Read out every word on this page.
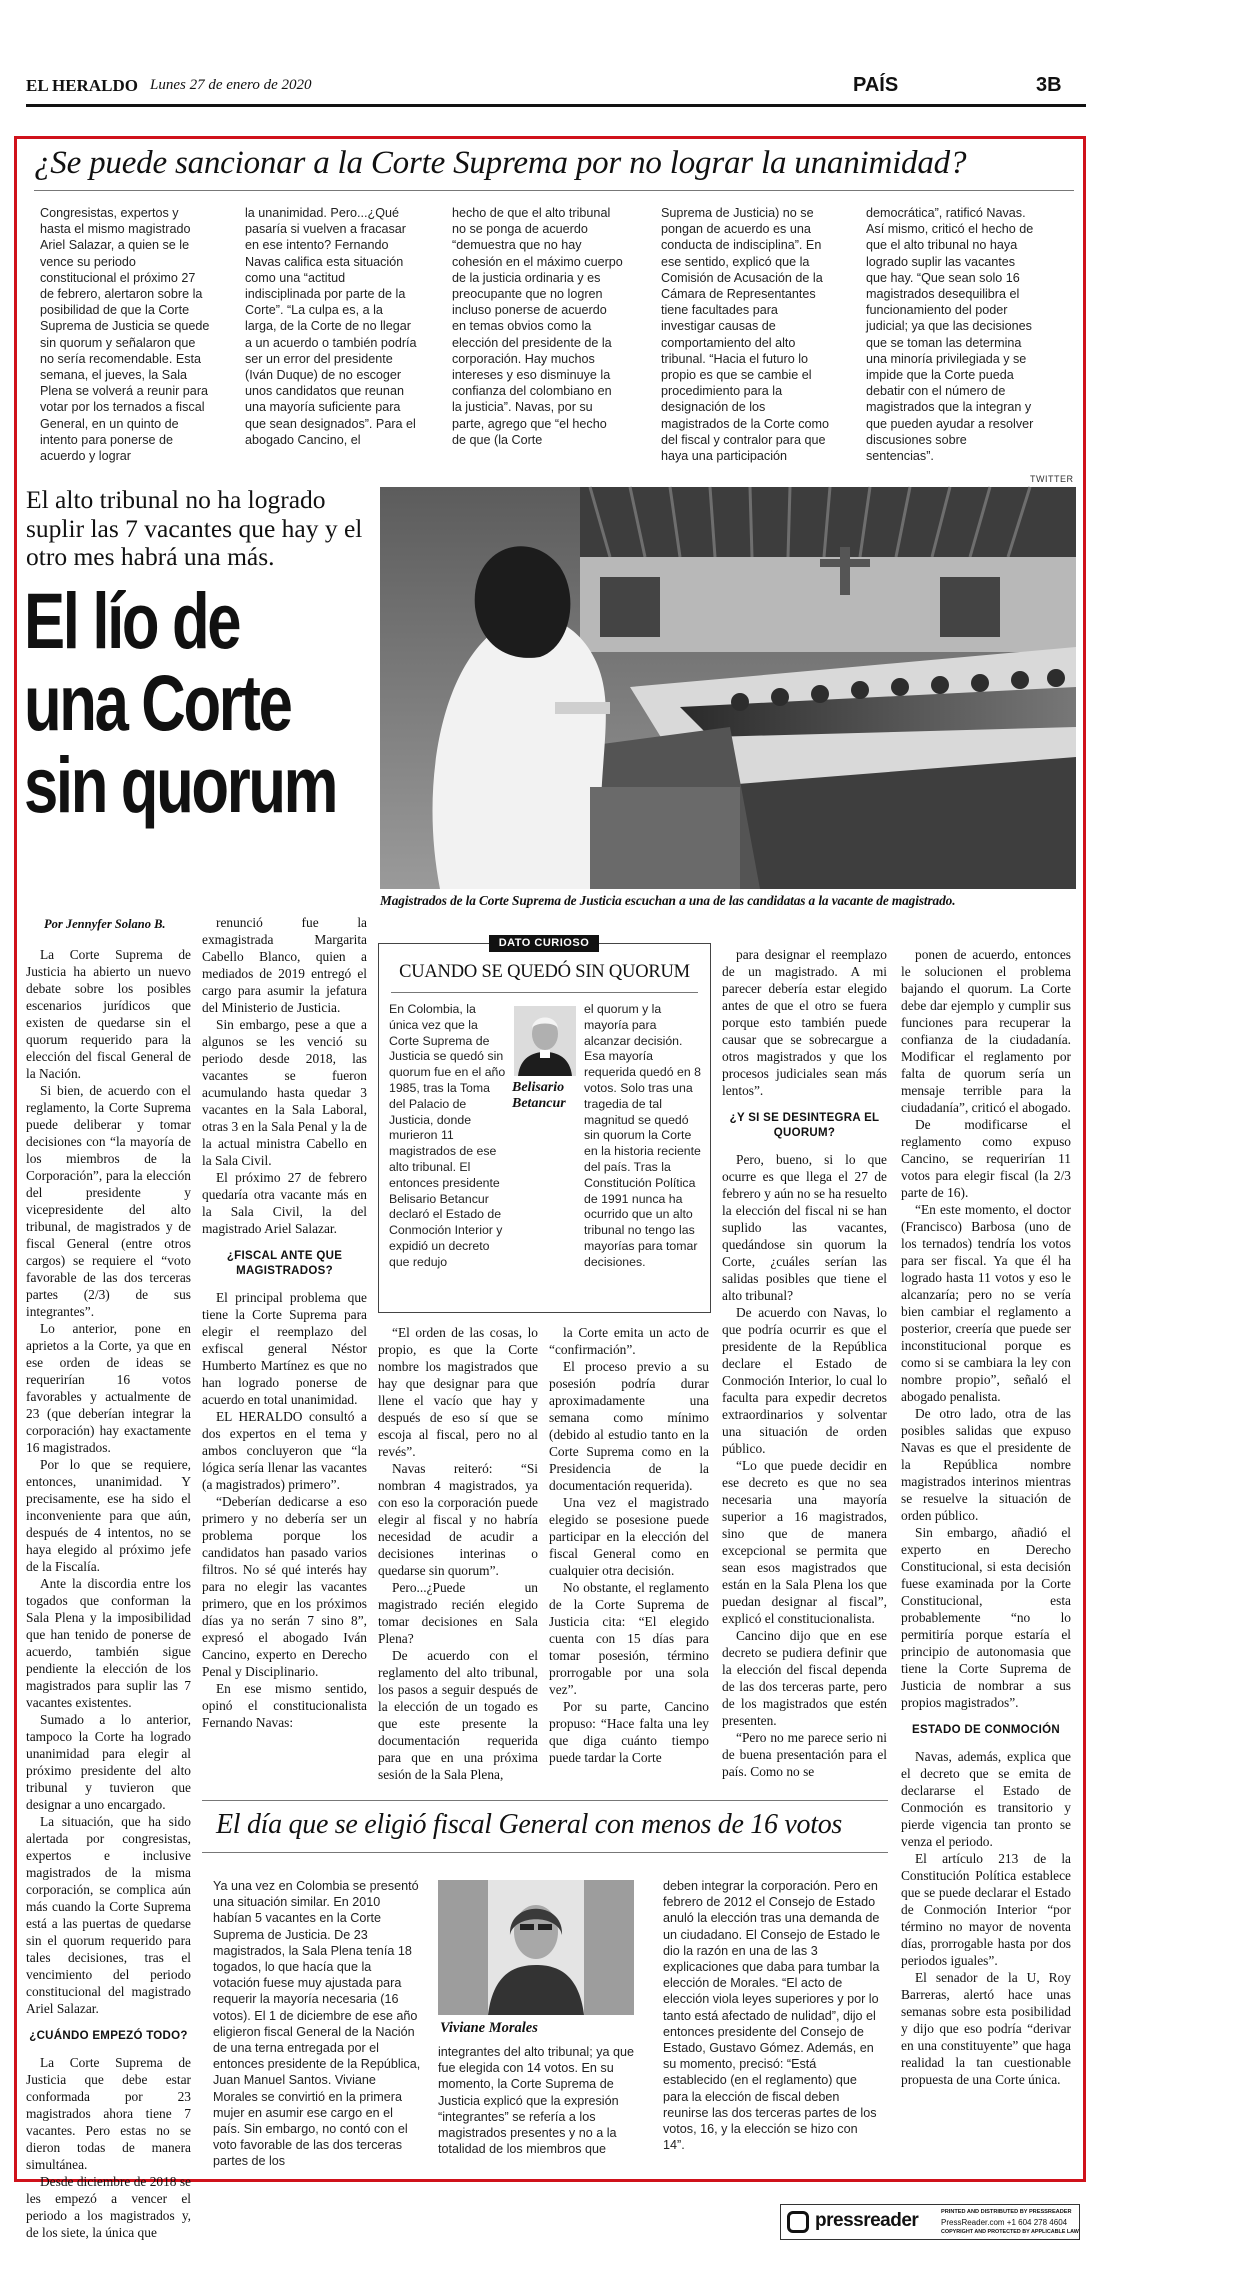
EL HERALDO Lunes 27 de enero de 2020	PAÍS	3B
¿Se puede sancionar a la Corte Suprema por no lograr la unanimidad?

Congresistas, expertos y hasta el mismo magistrado Ariel Salazar, a quien se le vence su periodo constitucional el próximo 27 de febrero, alertaron sobre la posibilidad de que la Corte Suprema de Justicia se quede sin quorum y señalaron que no sería recomendable. Esta semana, el jueves, la Sala Plena se volverá a reunir para votar por los ternados a fiscal General, en un quinto de intento para ponerse de acuerdo y lograr

la unanimidad. Pero...¿Qué pasaría si vuelven a fracasar en ese intento? Fernando Navas califica esta situación como una “actitud indisciplinada por parte de la Corte”. “La culpa es, a la larga, de la Corte de no llegar a un acuerdo o también podría ser un error del presidente (Iván Duque) de no escoger unos candidatos que reunan una mayoría suficiente para que sean designados”. Para el abogado Cancino, el

hecho de que el alto tribunal no se ponga de acuerdo “demuestra que no hay cohesión en el máximo cuerpo de la justicia ordinaria y es preocupante que no logren incluso ponerse de acuerdo en temas obvios como la elección del presidente de la corporación. Hay muchos intereses y eso disminuye la confianza del colombiano en la justicia”. Navas, por su parte, agrego que “el hecho de que (la Corte

Suprema de Justicia) no se pongan de acuerdo es una conducta de indisciplina”. En ese sentido, explicó que la Comisión de Acusación de la Cámara de Representantes tiene facultades para investigar causas de comportamiento del alto tribunal. “Hacia el futuro lo propio es que se cambie el procedimiento para la designación de los magistrados de la Corte como del fiscal y contralor para que haya una participación

democrática”, ratificó Navas. Así mismo, criticó el hecho de que el alto tribunal no haya logrado suplir las vacantes que hay. “Que sean solo 16 magistrados desequilibra el funcionamiento del poder judicial; ya que las decisiones que se toman las determina una minoría privilegiada y se impide que la Corte pueda debatir con el número de magistrados que la integran y que pueden ayudar a resolver discusiones sobre sentencias”.

TWITTER
El alto tribunal no ha logrado suplir las 7 vacantes que hay y el otro mes habrá una más.
El lío de
una Corte
sin quorum
Magistrados de la Corte Suprema de Justicia escuchan a una de las candidatas a la vacante de magistrado.
Por Jennyfer Solano B.

La Corte Suprema de Justicia ha abierto un nuevo debate sobre los posibles escenarios jurídicos que existen de quedarse sin el quorum requerido para la elección del fiscal General de la Nación.

Si bien, de acuerdo con el reglamento, la Corte Suprema puede deliberar y tomar decisiones con “la mayoría de los miembros de la Corporación”, para la elección del presidente y vicepresidente del alto tribunal, de magistrados y de fiscal General (entre otros cargos) se requiere el “voto favorable de las dos terceras partes (2/3) de sus integrantes”.

Lo anterior, pone en aprietos a la Corte, ya que en ese orden de ideas se requerirían 16 votos favorables y actualmente de 23 (que deberían integrar la corporación) hay exactamente 16 magistrados.

Por lo que se requiere, entonces, unanimidad. Y precisamente, ese ha sido el inconveniente para que aún, después de 4 intentos, no se haya elegido al próximo jefe de la Fiscalía.

Ante la discordia entre los togados que conforman la Sala Plena y la imposibilidad que han tenido de ponerse de acuerdo, también sigue pendiente la elección de los magistrados para suplir las 7 vacantes existentes.

Sumado a lo anterior, tampoco la Corte ha logrado unanimidad para elegir al próximo presidente del alto tribunal y tuvieron que designar a uno encargado.

La situación, que ha sido alertada por congresistas, expertos e inclusive magistrados de la misma corporación, se complica aún más cuando la Corte Suprema está a las puertas de quedarse sin el quorum requerido para tales decisiones, tras el vencimiento del periodo constitucional del magistrado Ariel Salazar.

¿CUÁNDO EMPEZÓ TODO?

La Corte Suprema de Justicia que debe estar conformada por 23 magistrados ahora tiene 7 vacantes. Pero estas no se dieron todas de manera simultánea.

Desde diciembre de 2018 se les empezó a vencer el periodo a los magistrados y, de los siete, la única que

renunció fue la exmagistrada Margarita Cabello Blanco, quien a mediados de 2019 entregó el cargo para asumir la jefatura del Ministerio de Justicia.

Sin embargo, pese a que a algunos se les venció su periodo desde 2018, las vacantes se fueron acumulando hasta quedar 3 vacantes en la Sala Laboral, otras 3 en la Sala Penal y la de la actual ministra Cabello en la Sala Civil.

El próximo 27 de febrero quedaría otra vacante más en la Sala Civil, la del magistrado Ariel Salazar.

¿FISCAL ANTE QUE MAGISTRADOS?

El principal problema que tiene la Corte Suprema para elegir el reemplazo del exfiscal general Néstor Humberto Martínez es que no han logrado ponerse de acuerdo en total unanimidad.

EL HERALDO consultó a dos expertos en el tema y ambos concluyeron que “la lógica sería llenar las vacantes (a magistrados) primero”.

“Deberían dedicarse a eso primero y no debería ser un problema porque los candidatos han pasado varios filtros. No sé qué interés hay para no elegir las vacantes primero, que en los próximos días ya no serán 7 sino 8”, expresó el abogado Iván Cancino, experto en Derecho Penal y Disciplinario.

En ese mismo sentido, opinó el constitucionalista Fernando Navas:

DATO CURIOSO
CUANDO SE QUEDÓ SIN QUORUM

En Colombia, la única vez que la Corte Suprema de Justicia se quedó sin quorum fue en el año 1985, tras la Toma del Palacio de Justicia, donde murieron 11 magistrados de ese alto tribunal. El entonces presidente Belisario Betancur declaró el Estado de Conmoción Interior y expidió un decreto que redujo

Belisario Betancur

el quorum y la mayoría para alcanzar decisión. Esa mayoría requerida quedó en 8 votos. Solo tras una tragedia de tal magnitud se quedó sin quorum la Corte en la historia reciente del país. Tras la Constitución Política de 1991 nunca ha ocurrido que un alto tribunal no tengo las mayorías para tomar decisiones.

“El orden de las cosas, lo propio, es que la Corte nombre los magistrados que hay que designar para que llene el vacío que hay y después de eso sí que se escoja al fiscal, pero no al revés”.

Navas reiteró: “Si nombran 4 magistrados, ya con eso la corporación puede elegir al fiscal y no habría necesidad de acudir a decisiones interinas o quedarse sin quorum”.

Pero...¿Puede un magistrado recién elegido tomar decisiones en Sala Plena?

De acuerdo con el reglamento del alto tribunal, los pasos a seguir después de la elección de un togado es que este presente la documentación requerida para que en una próxima sesión de la Sala Plena,

la Corte emita un acto de “confirmación”.

El proceso previo a su posesión podría durar aproximadamente una semana como mínimo (debido al estudio tanto en la Corte Suprema como en la Presidencia de la documentación requerida).

Una vez el magistrado elegido se posesione puede participar en la elección del fiscal General como en cualquier otra decisión.

No obstante, el reglamento de la Corte Suprema de Justicia cita: “El elegido cuenta con 15 días para tomar posesión, término prorrogable por una sola vez”.

Por su parte, Cancino propuso: “Hace falta una ley que diga cuánto tiempo puede tardar la Corte

para designar el reemplazo de un magistrado. A mi parecer debería estar elegido antes de que el otro se fuera porque esto también puede causar que se sobrecargue a otros magistrados y que los procesos judiciales sean más lentos”.

¿Y SI SE DESINTEGRA EL QUORUM?

Pero, bueno, si lo que ocurre es que llega el 27 de febrero y aún no se ha resuelto la elección del fiscal ni se han suplido las vacantes, quedándose sin quorum la Corte, ¿cuáles serían las salidas posibles que tiene el alto tribunal?

De acuerdo con Navas, lo que podría ocurrir es que el presidente de la República declare el Estado de Conmoción Interior, lo cual lo faculta para expedir decretos extraordinarios y solventar una situación de orden público.

“Lo que puede decidir en ese decreto es que no sea necesaria una mayoría superior a 16 magistrados, sino que de manera excepcional se permita que sean esos magistrados que están en la Sala Plena los que puedan designar al fiscal”, explicó el constitucionalista.

Cancino dijo que en ese decreto se pudiera definir que la elección del fiscal dependa de las dos terceras parte, pero de los magistrados que estén presenten.

“Pero no me parece serio ni de buena presentación para el país. Como no se

ponen de acuerdo, entonces le solucionen el problema bajando el quorum. La Corte debe dar ejemplo y cumplir sus funciones para recuperar la confianza de la ciudadanía. Modificar el reglamento por falta de quorum sería un mensaje terrible para la ciudadanía”, criticó el abogado.

De modificarse el reglamento como expuso Cancino, se requerirían 11 votos para elegir fiscal (la 2/3 parte de 16).

“En este momento, el doctor (Francisco) Barbosa (uno de los ternados) tendría los votos para ser fiscal. Ya que él ha logrado hasta 11 votos y eso le alcanzaría; pero no se vería bien cambiar el reglamento a posterior, creería que puede ser inconstitucional porque es como si se cambiara la ley con nombre propio”, señaló el abogado penalista.

De otro lado, otra de las posibles salidas que expuso Navas es que el presidente de la República nombre magistrados interinos mientras se resuelve la situación de orden público.

Sin embargo, añadió el experto en Derecho Constitucional, si esta decisión fuese examinada por la Corte Constitucional, esta probablemente “no lo permitiría porque estaría el principio de autonomasia que tiene la Corte Suprema de Justicia de nombrar a sus propios magistrados”.

ESTADO DE CONMOCIÓN

Navas, además, explica que el decreto que se emita de declararse el Estado de Conmoción es transitorio y pierde vigencia tan pronto se venza el periodo.

El artículo 213 de la Constitución Política establece que se puede declarar el Estado de Conmoción Interior “por término no mayor de noventa días, prorrogable hasta por dos periodos iguales”.

El senador de la U, Roy Barreras, alertó hace unas semanas sobre esta posibilidad y dijo que eso podría “derivar en una constituyente” que haga realidad la tan cuestionable propuesta de una Corte única.

El día que se eligió fiscal General con menos de 16 votos

Ya una vez en Colombia se presentó una situación similar. En 2010 habían 5 vacantes en la Corte Suprema de Justicia. De 23 magistrados, la Sala Plena tenía 18 togados, lo que hacía que la votación fuese muy ajustada para requerir la mayoría necesaria (16 votos). El 1 de diciembre de ese año eligieron fiscal General de la Nación de una terna entregada por el entonces presidente de la República, Juan Manuel Santos. Viviane Morales se convirtió en la primera mujer en asumir ese cargo en el país. Sin embargo, no contó con el voto favorable de las dos terceras partes de los

Viviane Morales

integrantes del alto tribunal; ya que fue elegida con 14 votos. En su momento, la Corte Suprema de Justicia explicó que la expresión “integrantes” se refería a los magistrados presentes y no a la totalidad de los miembros que

deben integrar la corporación. Pero en febrero de 2012 el Consejo de Estado anuló la elección tras una demanda de un ciudadano. El Consejo de Estado le dio la razón en una de las 3 explicaciones que daba para tumbar la elección de Morales. “El acto de elección viola leyes superiores y por lo tanto está afectado de nulidad”, dijo el entonces presidente del Consejo de Estado, Gustavo Gómez. Además, en su momento, precisó: “Está establecido (en el reglamento) que para la elección de fiscal deben reunirse las dos terceras partes de los votos, 16, y la elección se hizo con 14”.

pressreader	PRINTED AND DISTRIBUTED BY PRESSREADER
PressReader.com +1 604 278 4604
COPYRIGHT AND PROTECTED BY APPLICABLE LAW
